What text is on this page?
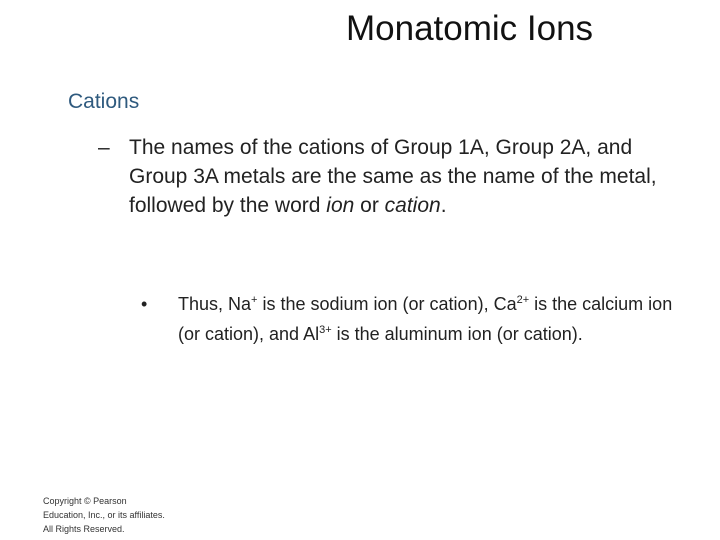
Monatomic Ions
Cations
– The names of the cations of Group 1A, Group 2A, and Group 3A metals are the same as the name of the metal, followed by the word ion or cation.
• Thus, Na+ is the sodium ion (or cation), $Ca^{2+}$ is the calcium ion (or cation), and $Al^{3+}$ is the aluminum ion (or cation).
Copyright © Pearson
Education, Inc., or its affiliates.
All Rights Reserved.
